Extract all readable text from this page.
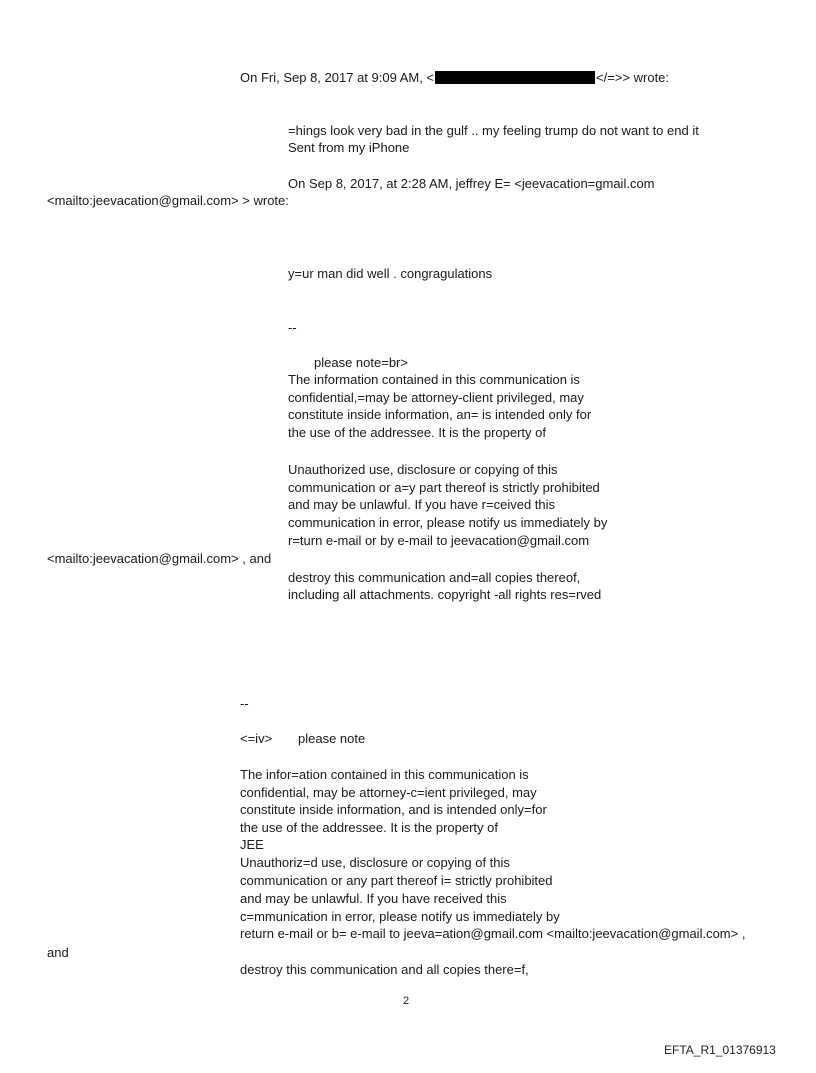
On Fri, Sep 8, 2017 at 9:09 AM, <	</=>> wrote:

=hings look very bad in the gulf .. my feeling trump do not want to end it

Sent from my iPhone

On Sep 8, 2017, at 2:28 AM, jeffrey E= <jeevacation=gmail.com

<mailto:jeevacation@gmail.com> > wrote:

y=ur man did well . congragulations

--

please note=br>

The information contained in this communication is

confidential,=may be attorney-client privileged, may

constitute inside information, an= is intended only for

the use of the addressee. It is the property of

Unauthorized use, disclosure or copying of this

communication or a=y part thereof is strictly prohibited

and may be unlawful. If you have r=ceived this

communication in error, please notify us immediately by

r=turn e-mail or by e-mail to jeevacation@gmail.com

<mailto:jeevacation@gmail.com> , and

destroy this communication and=all copies thereof,

including all attachments. copyright -all rights res=rved

--

<=iv> please note

The infor=ation contained in this communication is

confidential, may be attorney-c=ient privileged, may

constitute inside information, and is intended only=for

the use of the addressee. It is the property of

JEE

Unauthoriz=d use, disclosure or copying of this

communication or any part thereof i= strictly prohibited

and may be unlawful. If you have received this

c=mmunication in error, please notify us immediately by

return e-mail or b= e-mail to jeeva=ation@gmail.com <mailto:jeevacation@gmail.com> ,

and

destroy this communication and all copies there=f,

2
EFTA_R1_01376913
